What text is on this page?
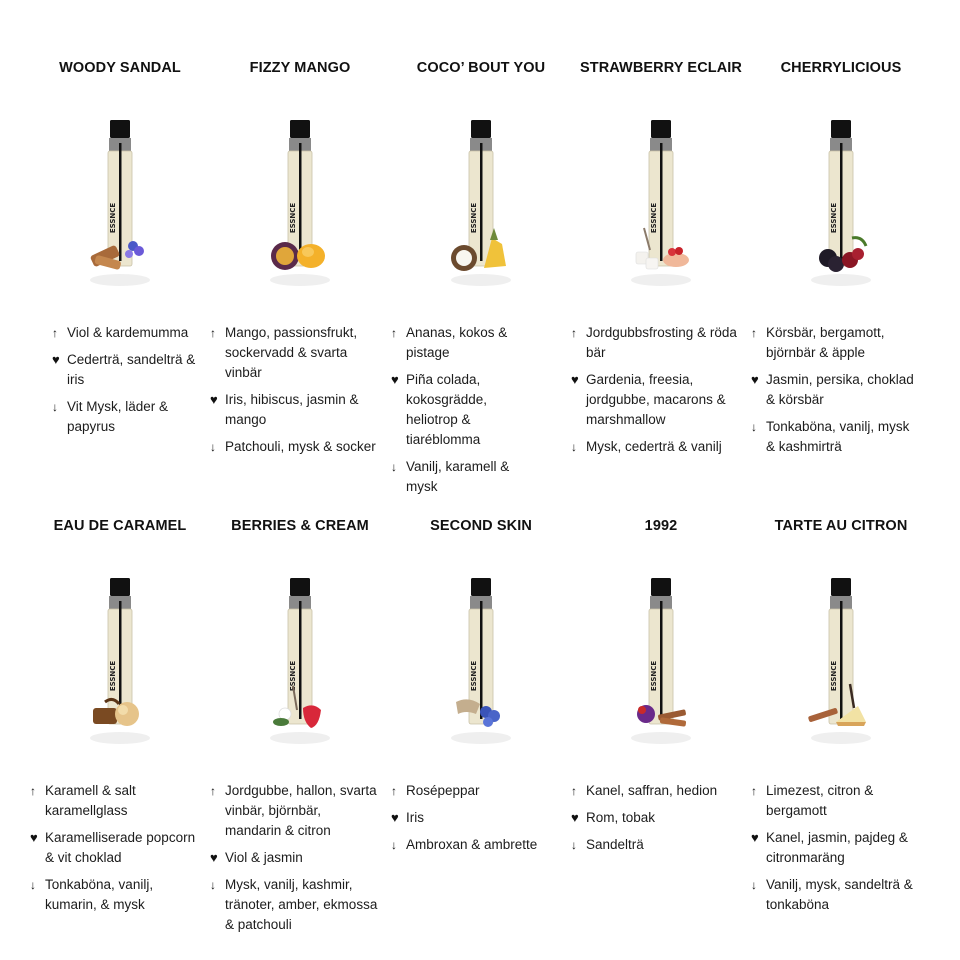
WOODY SANDAL
ESSNCE
↑ Viol & kardemumma
♥ Cederträ, sandelträ & iris
↓ Vit Mysk, läder & papyrus
FIZZY MANGO
ESSNCE
↑ Mango, passionsfrukt, sockervadd & svarta vinbär
♥ Iris, hibiscus, jasmin & mango
↓ Patchouli, mysk & socker
COCO’ BOUT YOU
ESSNCE
↑ Ananas, kokos & pistage
♥ Piña colada, kokosgrädde, heliotrop & tiaréblomma
↓ Vanilj, karamell & mysk
STRAWBERRY ECLAIR
ESSNCE
↑ Jordgubbsfrosting & röda bär
♥ Gardenia, freesia, jordgubbe, macarons & marshmallow
↓ Mysk, cederträ & vanilj
CHERRYLICIOUS
ESSNCE
↑ Körsbär, bergamott, björnbär & äpple
♥ Jasmin, persika, choklad & körsbär
↓ Tonkaböna, vanilj, mysk & kashmirträ
EAU DE CARAMEL
ESSNCE
↑ Karamell & salt karamellglass
♥ Karamelliserade popcorn & vit choklad
↓ Tonkaböna, vanilj, kumarin, & mysk
BERRIES & CREAM
ESSNCE
↑ Jordgubbe, hallon, svarta vinbär, björnbär, mandarin & citron
♥ Viol & jasmin
↓ Mysk, vanilj, kashmir, tränoter, amber, ekmossa & patchouli
SECOND SKIN
ESSNCE
↑ Rosépeppar
♥ Iris
↓ Ambroxan & ambrette
1992
ESSNCE
↑ Kanel, saffran, hedion
♥ Rom, tobak
↓ Sandelträ
TARTE AU CITRON
ESSNCE
↑ Limezest, citron & bergamott
♥ Kanel, jasmin, pajdeg & citronmaräng
↓ Vanilj, mysk, sandelträ & tonkaböna
